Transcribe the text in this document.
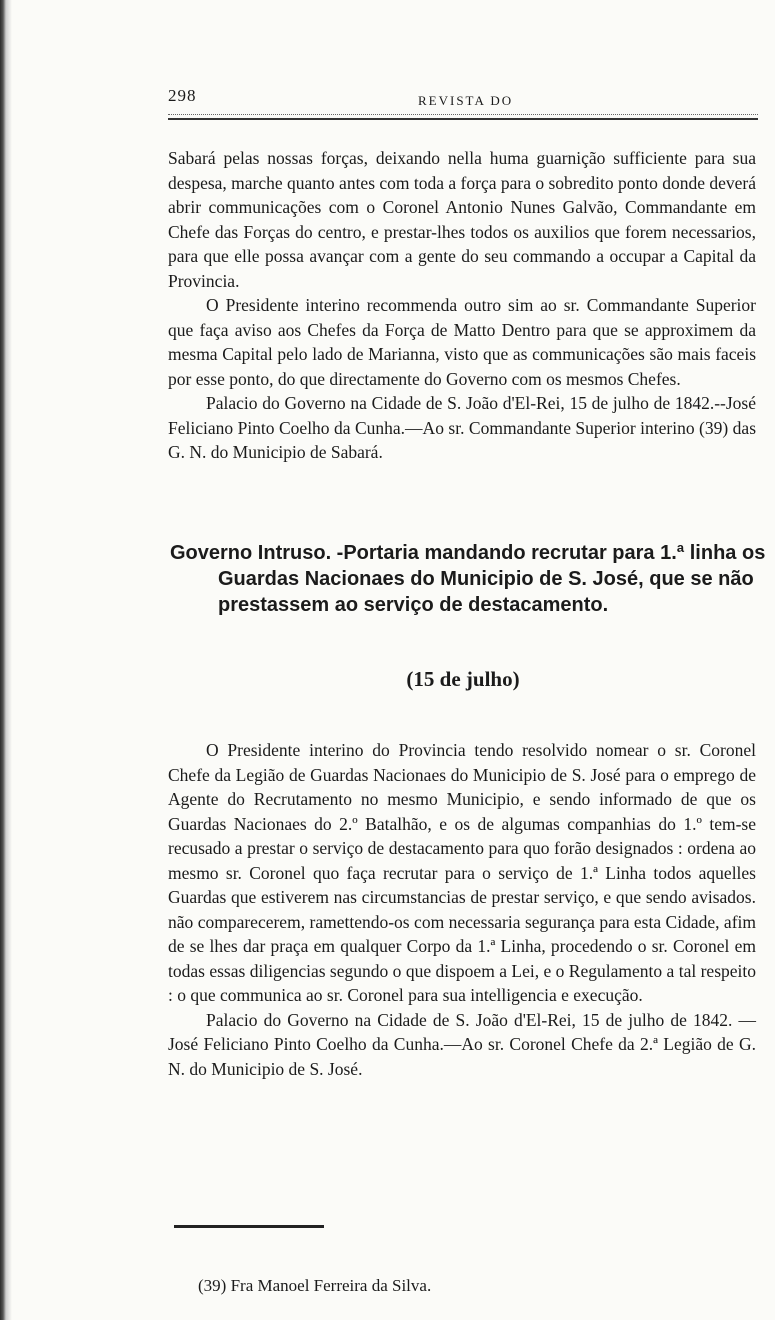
298	REVISTA DO

Sabará pelas nossas forças, deixando nella huma guarnição sufficiente para sua despesa, marche quanto antes com toda a força para o sobredito ponto donde deverá abrir communicações com o Coronel Antonio Nunes Galvão, Commandante em Chefe das Forças do centro, e prestar-lhes todos os auxilios que forem necessarios, para que elle possa avançar com a gente do seu commando a occupar a Capital da Provincia.

O Presidente interino recommenda outro sim ao sr. Commandante Superior que faça aviso aos Chefes da Força de Matto Dentro para que se approximem da mesma Capital pelo lado de Marianna, visto que as communicações são mais faceis por esse ponto, do que directamente do Governo com os mesmos Chefes.

Palacio do Governo na Cidade de S. João d'El-Rei, 15 de julho de 1842.--José Feliciano Pinto Coelho da Cunha.—Ao sr. Commandante Superior interino (39) das G. N. do Municipio de Sabará.

Governo Intruso. -Portaria mandando recrutar para 1.ª linha os Guardas Nacionaes do Municipio de S. José, que se não prestassem ao serviço de destacamento.
(15 de julho)

O Presidente interino do Provincia tendo resolvido nomear o sr. Coronel Chefe da Legião de Guardas Nacionaes do Municipio de S. José para o emprego de Agente do Recrutamento no mesmo Municipio, e sendo informado de que os Guardas Nacionaes do 2.º Batalhão, e os de algumas companhias do 1.º tem-se recusado a prestar o serviço de destacamento para quo forão designados : ordena ao mesmo sr. Coronel quo faça recrutar para o serviço de 1.ª Linha todos aquelles Guardas que estiverem nas circumstancias de prestar serviço, e que sendo avisados. não comparecerem, ramettendo-os com necessaria segurança para esta Cidade, afim de se lhes dar praça em qualquer Corpo da 1.ª Linha, procedendo o sr. Coronel em todas essas diligencias segundo o que dispoem a Lei, e o Regulamento a tal respeito : o que communica ao sr. Coronel para sua intelligencia e execução.

Palacio do Governo na Cidade de S. João d'El-Rei, 15 de julho de 1842. —José Feliciano Pinto Coelho da Cunha.—Ao sr. Coronel Chefe da 2.ª Legião de G. N. do Municipio de S. José.

(39) Fra Manoel Ferreira da Silva.
